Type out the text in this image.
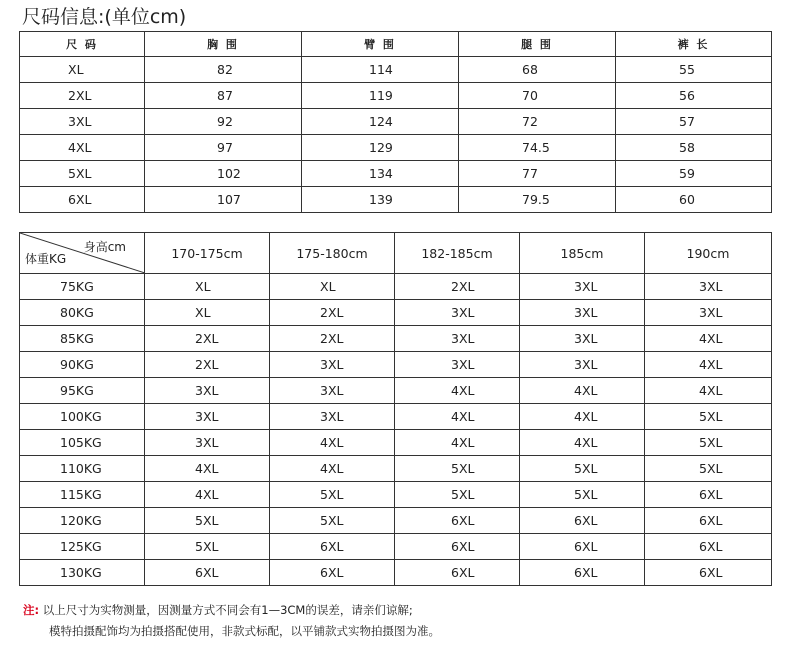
尺码信息:(单位cm)
尺 码	胸 围	臂 围	腿 围	裤 长
XL	82	114	68	55
2XL	87	119	70	56
3XL	92	124	72	57
4XL	97	129	74.5	58
5XL	102	134	77	59
6XL	107	139	79.5	60
身高cm
体重KG	170-175cm	175-180cm	182-185cm	185cm	190cm
75KG	XL	XL	2XL	3XL	3XL
80KG	XL	2XL	3XL	3XL	3XL
85KG	2XL	2XL	3XL	3XL	4XL
90KG	2XL	3XL	3XL	3XL	4XL
95KG	3XL	3XL	4XL	4XL	4XL
100KG	3XL	3XL	4XL	4XL	5XL
105KG	3XL	4XL	4XL	4XL	5XL
110KG	4XL	4XL	5XL	5XL	5XL
115KG	4XL	5XL	5XL	5XL	6XL
120KG	5XL	5XL	6XL	6XL	6XL
125KG	5XL	6XL	6XL	6XL	6XL
130KG	6XL	6XL	6XL	6XL	6XL
注: 以上尺寸为实物测量，因测量方式不同会有1—3CM的误差，请亲们谅解;
模特拍摄配饰均为拍摄搭配使用，非款式标配，以平铺款式实物拍摄图为准。
